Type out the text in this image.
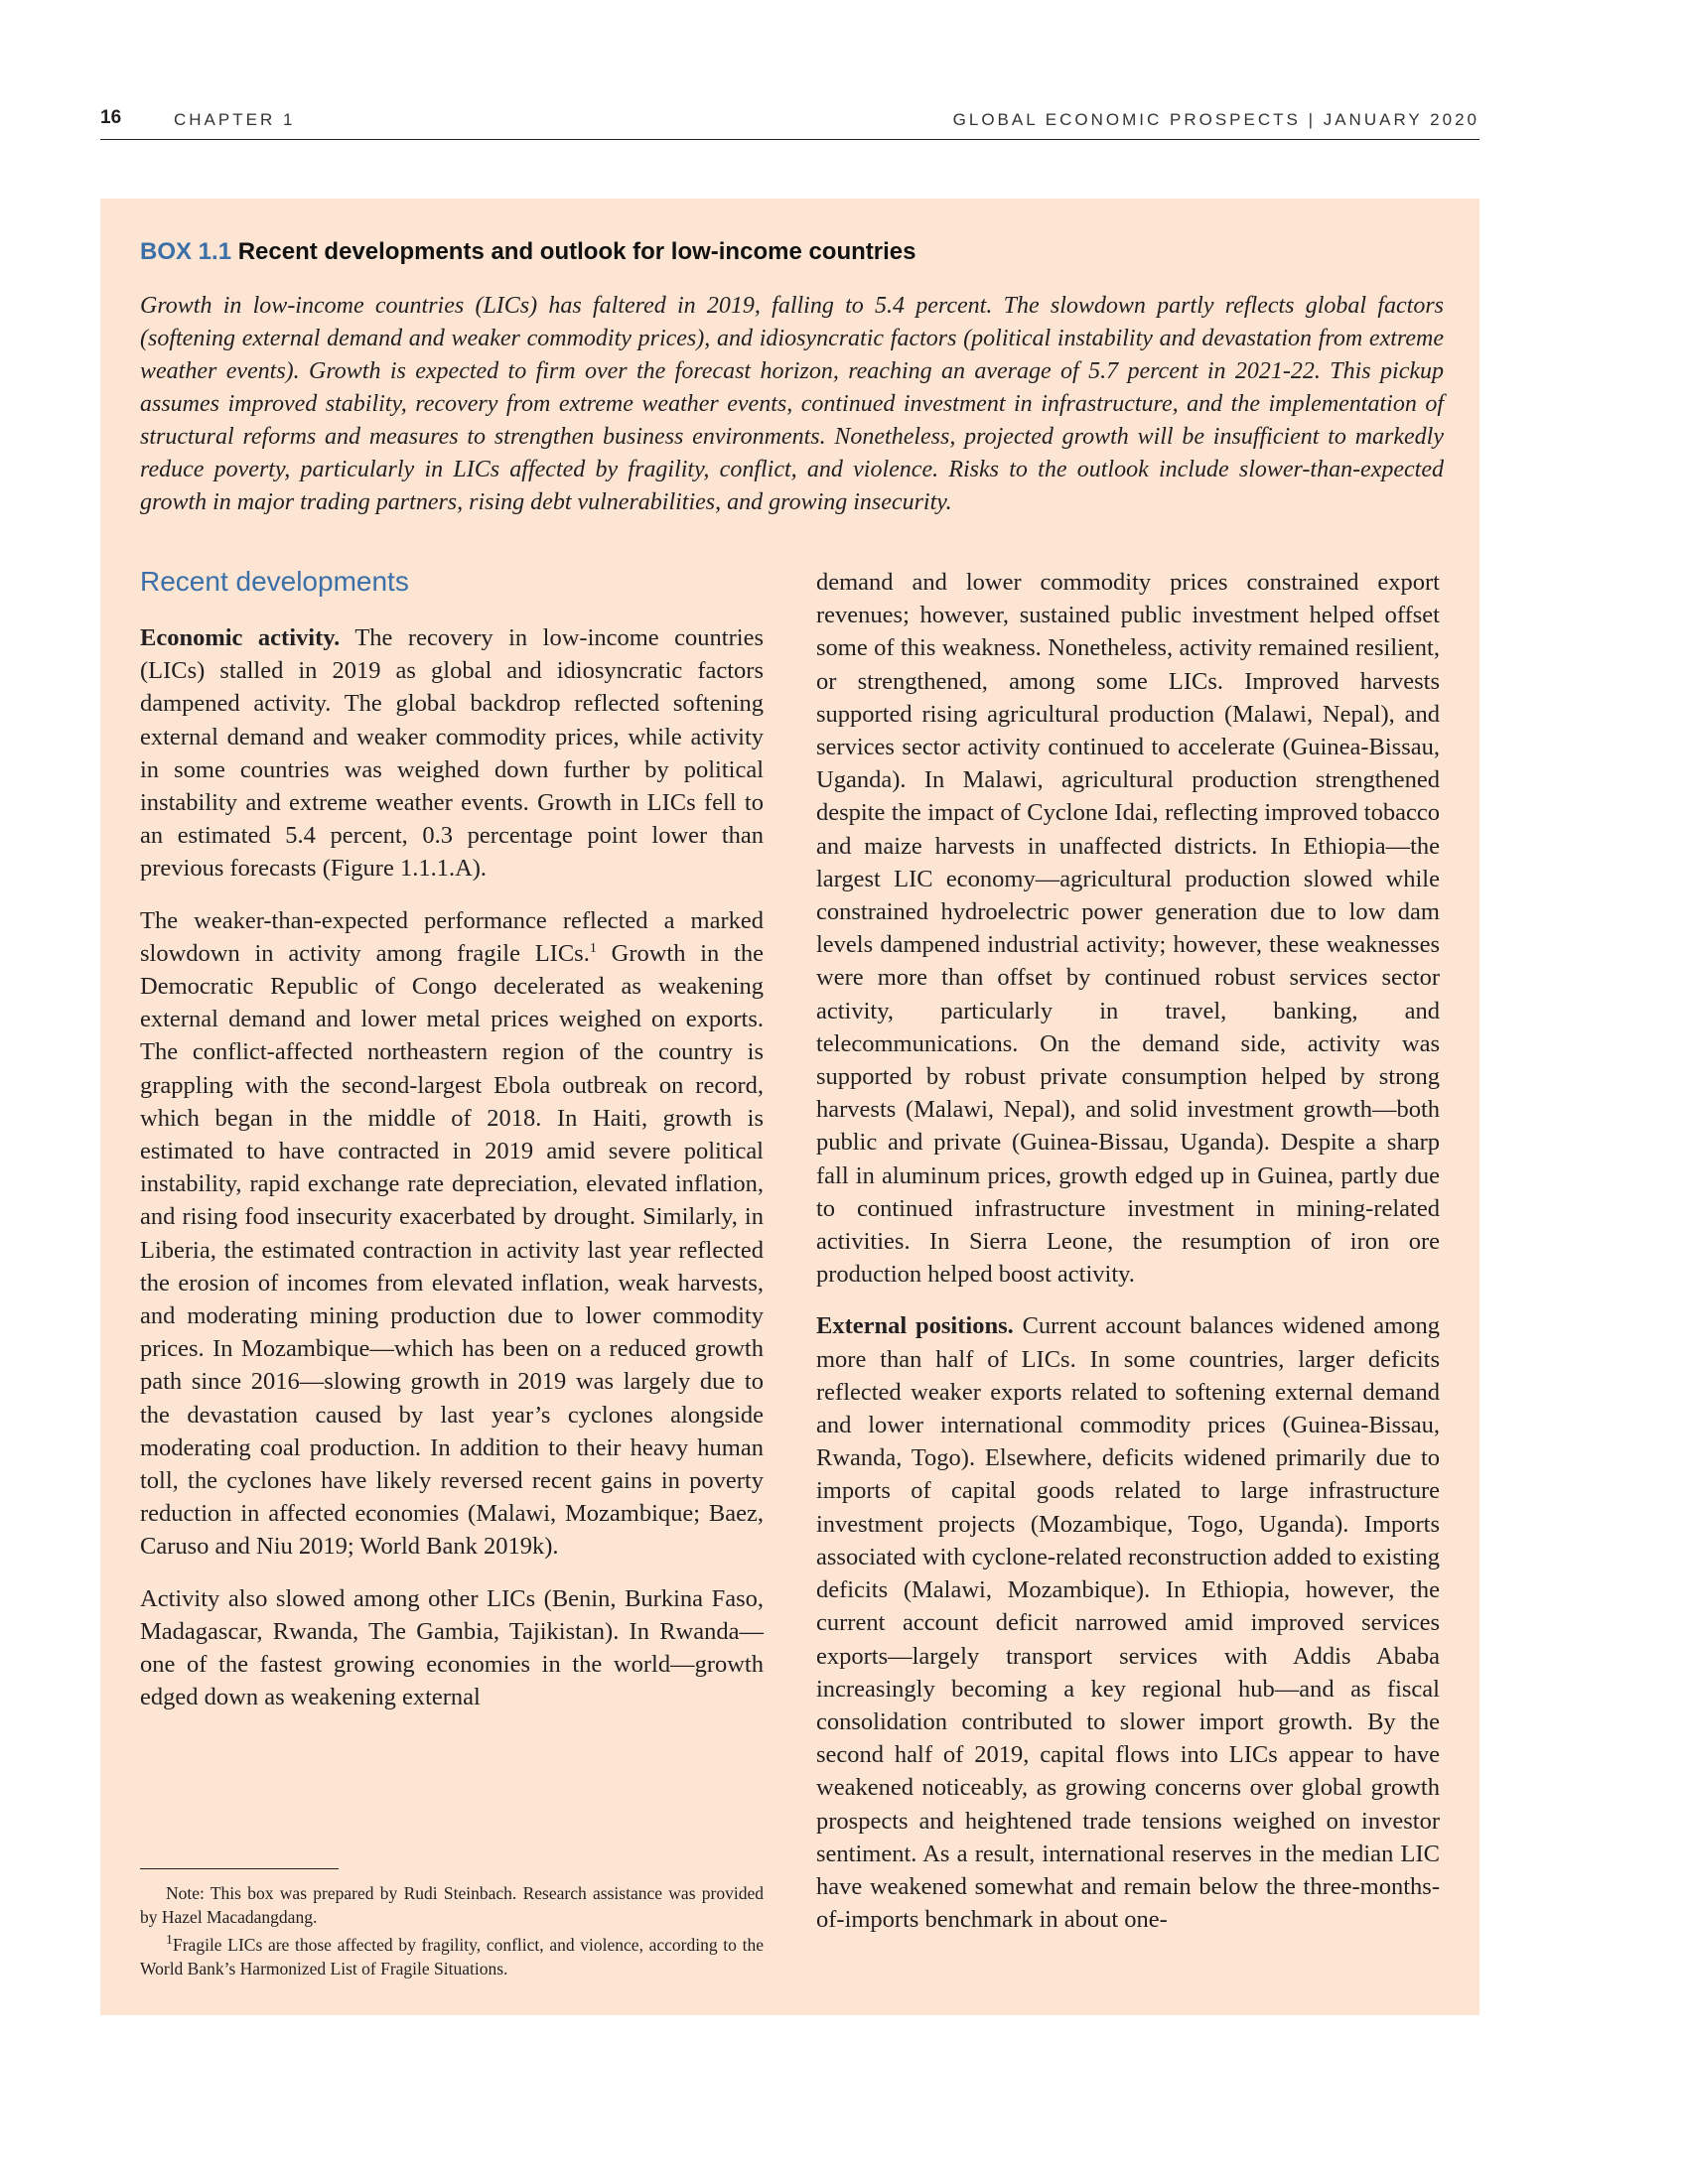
16	CHAPTER 1	GLOBAL ECONOMIC PROSPECTS | JANUARY 2020
BOX 1.1 Recent developments and outlook for low-income countries
Growth in low-income countries (LICs) has faltered in 2019, falling to 5.4 percent. The slowdown partly reflects global factors (softening external demand and weaker commodity prices), and idiosyncratic factors (political instability and devastation from extreme weather events). Growth is expected to firm over the forecast horizon, reaching an average of 5.7 percent in 2021-22. This pickup assumes improved stability, recovery from extreme weather events, continued investment in infrastructure, and the implementation of structural reforms and measures to strengthen business environments. Nonetheless, projected growth will be insufficient to markedly reduce poverty, particularly in LICs affected by fragility, conflict, and violence. Risks to the outlook include slower-than-expected growth in major trading partners, rising debt vulnerabilities, and growing insecurity.
Recent developments

Economic activity. The recovery in low-income countries (LICs) stalled in 2019 as global and idiosyncratic factors dampened activity. The global backdrop reflected softening external demand and weaker commodity prices, while activity in some countries was weighed down further by political instability and extreme weather events. Growth in LICs fell to an estimated 5.4 percent, 0.3 percentage point lower than previous forecasts (Figure 1.1.1.A).

The weaker-than-expected performance reflected a marked slowdown in activity among fragile LICs.$^1$ Growth in the Democratic Republic of Congo decelerated as weakening external demand and lower metal prices weighed on exports. The conflict-affected northeastern region of the country is grappling with the second-largest Ebola outbreak on record, which began in the middle of 2018. In Haiti, growth is estimated to have contracted in 2019 amid severe political instability, rapid exchange rate depreciation, elevated inflation, and rising food insecurity exacerbated by drought. Similarly, in Liberia, the estimated contraction in activity last year reflected the erosion of incomes from elevated inflation, weak harvests, and moderating mining production due to lower commodity prices. In Mozambique—which has been on a reduced growth path since 2016—slowing growth in 2019 was largely due to the devastation caused by last year’s cyclones alongside moderating coal production. In addition to their heavy human toll, the cyclones have likely reversed recent gains in poverty reduction in affected economies (Malawi, Mozambique; Baez, Caruso and Niu 2019; World Bank 2019k).

Activity also slowed among other LICs (Benin, Burkina Faso, Madagascar, Rwanda, The Gambia, Tajikistan). In Rwanda—one of the fastest growing economies in the world—growth edged down as weakening external

Note: This box was prepared by Rudi Steinbach. Research assistance was provided by Hazel Macadangdang.

$^1$Fragile LICs are those affected by fragility, conflict, and violence, according to the World Bank’s Harmonized List of Fragile Situations.

demand and lower commodity prices constrained export revenues; however, sustained public investment helped offset some of this weakness. Nonetheless, activity remained resilient, or strengthened, among some LICs. Improved harvests supported rising agricultural production (Malawi, Nepal), and services sector activity continued to accelerate (Guinea-Bissau, Uganda). In Malawi, agricultural production strengthened despite the impact of Cyclone Idai, reflecting improved tobacco and maize harvests in unaffected districts. In Ethiopia—the largest LIC economy—agricultural production slowed while constrained hydroelectric power generation due to low dam levels dampened industrial activity; however, these weaknesses were more than offset by continued robust services sector activity, particularly in travel, banking, and telecommunications. On the demand side, activity was supported by robust private consumption helped by strong harvests (Malawi, Nepal), and solid investment growth—both public and private (Guinea-Bissau, Uganda). Despite a sharp fall in aluminum prices, growth edged up in Guinea, partly due to continued infrastructure investment in mining-related activities. In Sierra Leone, the resumption of iron ore production helped boost activity.

External positions. Current account balances widened among more than half of LICs. In some countries, larger deficits reflected weaker exports related to softening external demand and lower international commodity prices (Guinea-Bissau, Rwanda, Togo). Elsewhere, deficits widened primarily due to imports of capital goods related to large infrastructure investment projects (Mozambique, Togo, Uganda). Imports associated with cyclone-related reconstruction added to existing deficits (Malawi, Mozambique). In Ethiopia, however, the current account deficit narrowed amid improved services exports—largely transport services with Addis Ababa increasingly becoming a key regional hub—and as fiscal consolidation contributed to slower import growth. By the second half of 2019, capital flows into LICs appear to have weakened noticeably, as growing concerns over global growth prospects and heightened trade tensions weighed on investor sentiment. As a result, international reserves in the median LIC have weakened somewhat and remain below the three-months-of-imports benchmark in about one-
